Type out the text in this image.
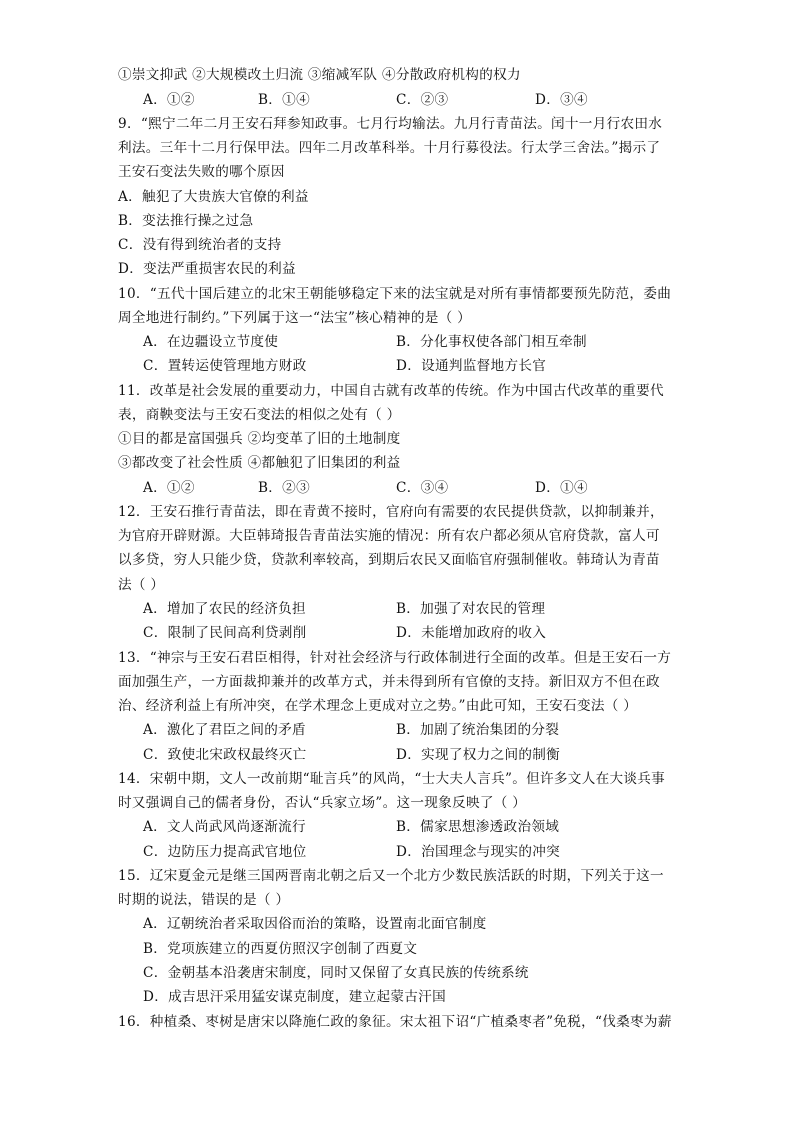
①崇文抑武 ②大规模改土归流 ③缩减军队 ④分散政府机构的权力
A．①②	B．①④	C．②③	D．③④
9．“熙宁二年二月王安石拜参知政事。七月行均输法。九月行青苗法。闰十一月行农田水
利法。三年十二月行保甲法。四年二月改革科举。十月行募役法。行太学三舍法。”揭示了
王安石变法失败的哪个原因
A．触犯了大贵族大官僚的利益
B．变法推行操之过急
C．没有得到统治者的支持
D．变法严重损害农民的利益
10．“五代十国后建立的北宋王朝能够稳定下来的法宝就是对所有事情都要预先防范，委曲
周全地进行制约。”下列属于这一“法宝”核心精神的是（ ）
A．在边疆设立节度使	B．分化事权使各部门相互牵制
C．置转运使管理地方财政	D．设通判监督地方长官
11．改革是社会发展的重要动力，中国自古就有改革的传统。作为中国古代改革的重要代
表，商鞅变法与王安石变法的相似之处有（ ）
①目的都是富国强兵 ②均变革了旧的土地制度
③都改变了社会性质 ④都触犯了旧集团的利益
A．①②	B．②③	C．③④	D．①④
12．王安石推行青苗法，即在青黄不接时，官府向有需要的农民提供贷款，以抑制兼并，
为官府开辟财源。大臣韩琦报告青苗法实施的情况：所有农户都必须从官府贷款，富人可
以多贷，穷人只能少贷，贷款利率较高，到期后农民又面临官府强制催收。韩琦认为青苗
法（ ）
A．增加了农民的经济负担	B．加强了对农民的管理
C．限制了民间高利贷剥削	D．未能增加政府的收入
13．“神宗与王安石君臣相得，针对社会经济与行政体制进行全面的改革。但是王安石一方
面加强生产，一方面裁抑兼并的改革方式，并未得到所有官僚的支持。新旧双方不但在政
治、经济利益上有所冲突，在学术理念上更成对立之势。”由此可知，王安石变法（ ）
A．激化了君臣之间的矛盾	B．加剧了统治集团的分裂
C．致使北宋政权最终灭亡	D．实现了权力之间的制衡
14．宋朝中期，文人一改前期“耻言兵”的风尚，“士大夫人言兵”。但许多文人在大谈兵事
时又强调自己的儒者身份，否认“兵家立场”。这一现象反映了（ ）
A．文人尚武风尚逐渐流行	B．儒家思想渗透政治领域
C．边防压力提高武官地位	D．治国理念与现实的冲突
15．辽宋夏金元是继三国两晋南北朝之后又一个北方少数民族活跃的时期，下列关于这一
时期的说法，错误的是（ ）
A．辽朝统治者采取因俗而治的策略，设置南北面官制度
B．党项族建立的西夏仿照汉字创制了西夏文
C．金朝基本沿袭唐宋制度，同时又保留了女真民族的传统系统
D．成吉思汗采用猛安谋克制度，建立起蒙古汗国
16．种植桑、枣树是唐宋以降施仁政的象征。宋太祖下诏“广植桑枣者”免税，“伐桑枣为薪
